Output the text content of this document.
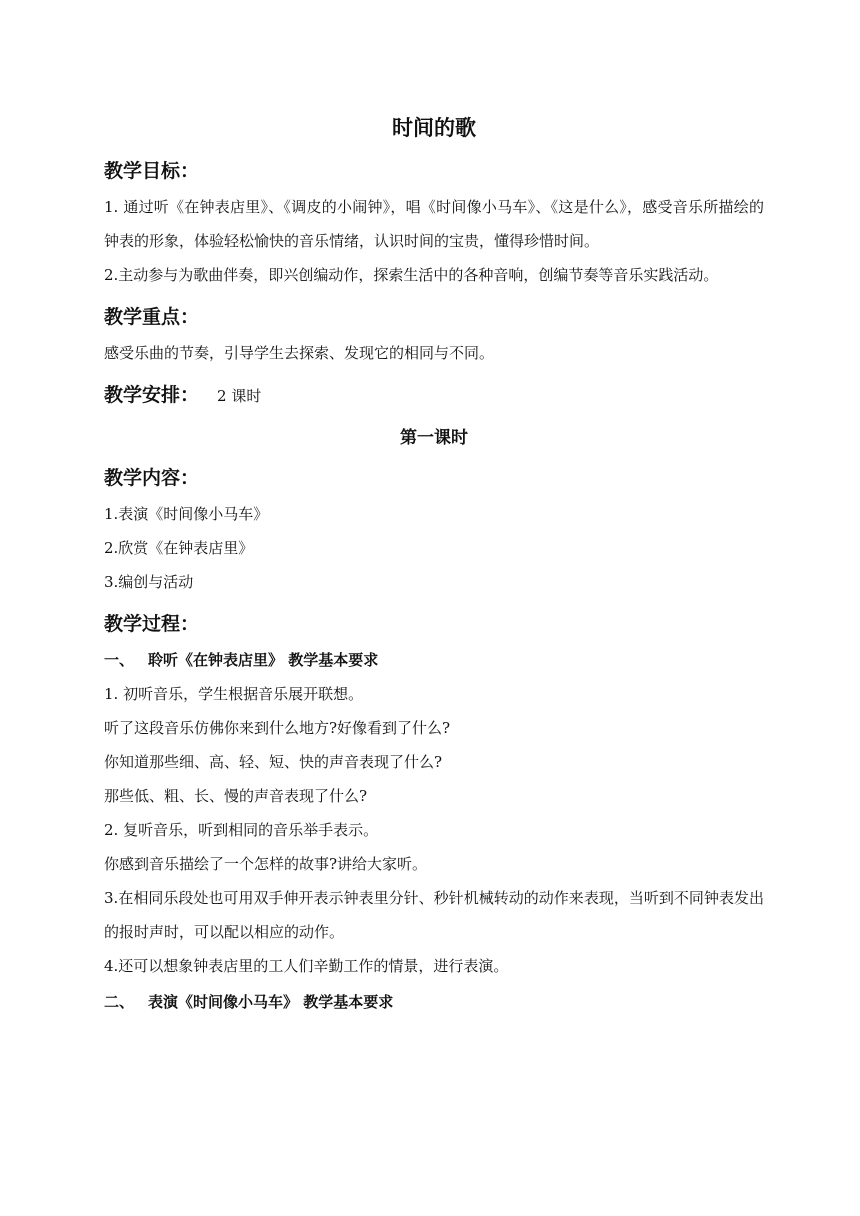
时间的歌
教学目标：

1. 通过听《在钟表店里》、《调皮的小闹钟》，唱《时间像小马车》、《这是什么》，感受音乐所描绘的钟表的形象，体验轻松愉快的音乐情绪，认识时间的宝贵，懂得珍惜时间。

2.主动参与为歌曲伴奏，即兴创编动作，探索生活中的各种音响，创编节奏等音乐实践活动。

教学重点：

感受乐曲的节奏，引导学生去探索、发现它的相同与不同。

教学安排： 2 课时
第一课时
教学内容：

1.表演《时间像小马车》

2.欣赏《在钟表店里》

3.编创与活动

教学过程：
一、 聆听《在钟表店里》 教学基本要求

1. 初听音乐，学生根据音乐展开联想。

听了这段音乐仿佛你来到什么地方?好像看到了什么?

你知道那些细、高、轻、短、快的声音表现了什么?

那些低、粗、长、慢的声音表现了什么?

2. 复听音乐，听到相同的音乐举手表示。

你感到音乐描绘了一个怎样的故事?讲给大家听。

3.在相同乐段处也可用双手伸开表示钟表里分针、秒针机械转动的动作来表现，当听到不同钟表发出的报时声时，可以配以相应的动作。

4.还可以想象钟表店里的工人们辛勤工作的情景，进行表演。

二、 表演《时间像小马车》 教学基本要求
